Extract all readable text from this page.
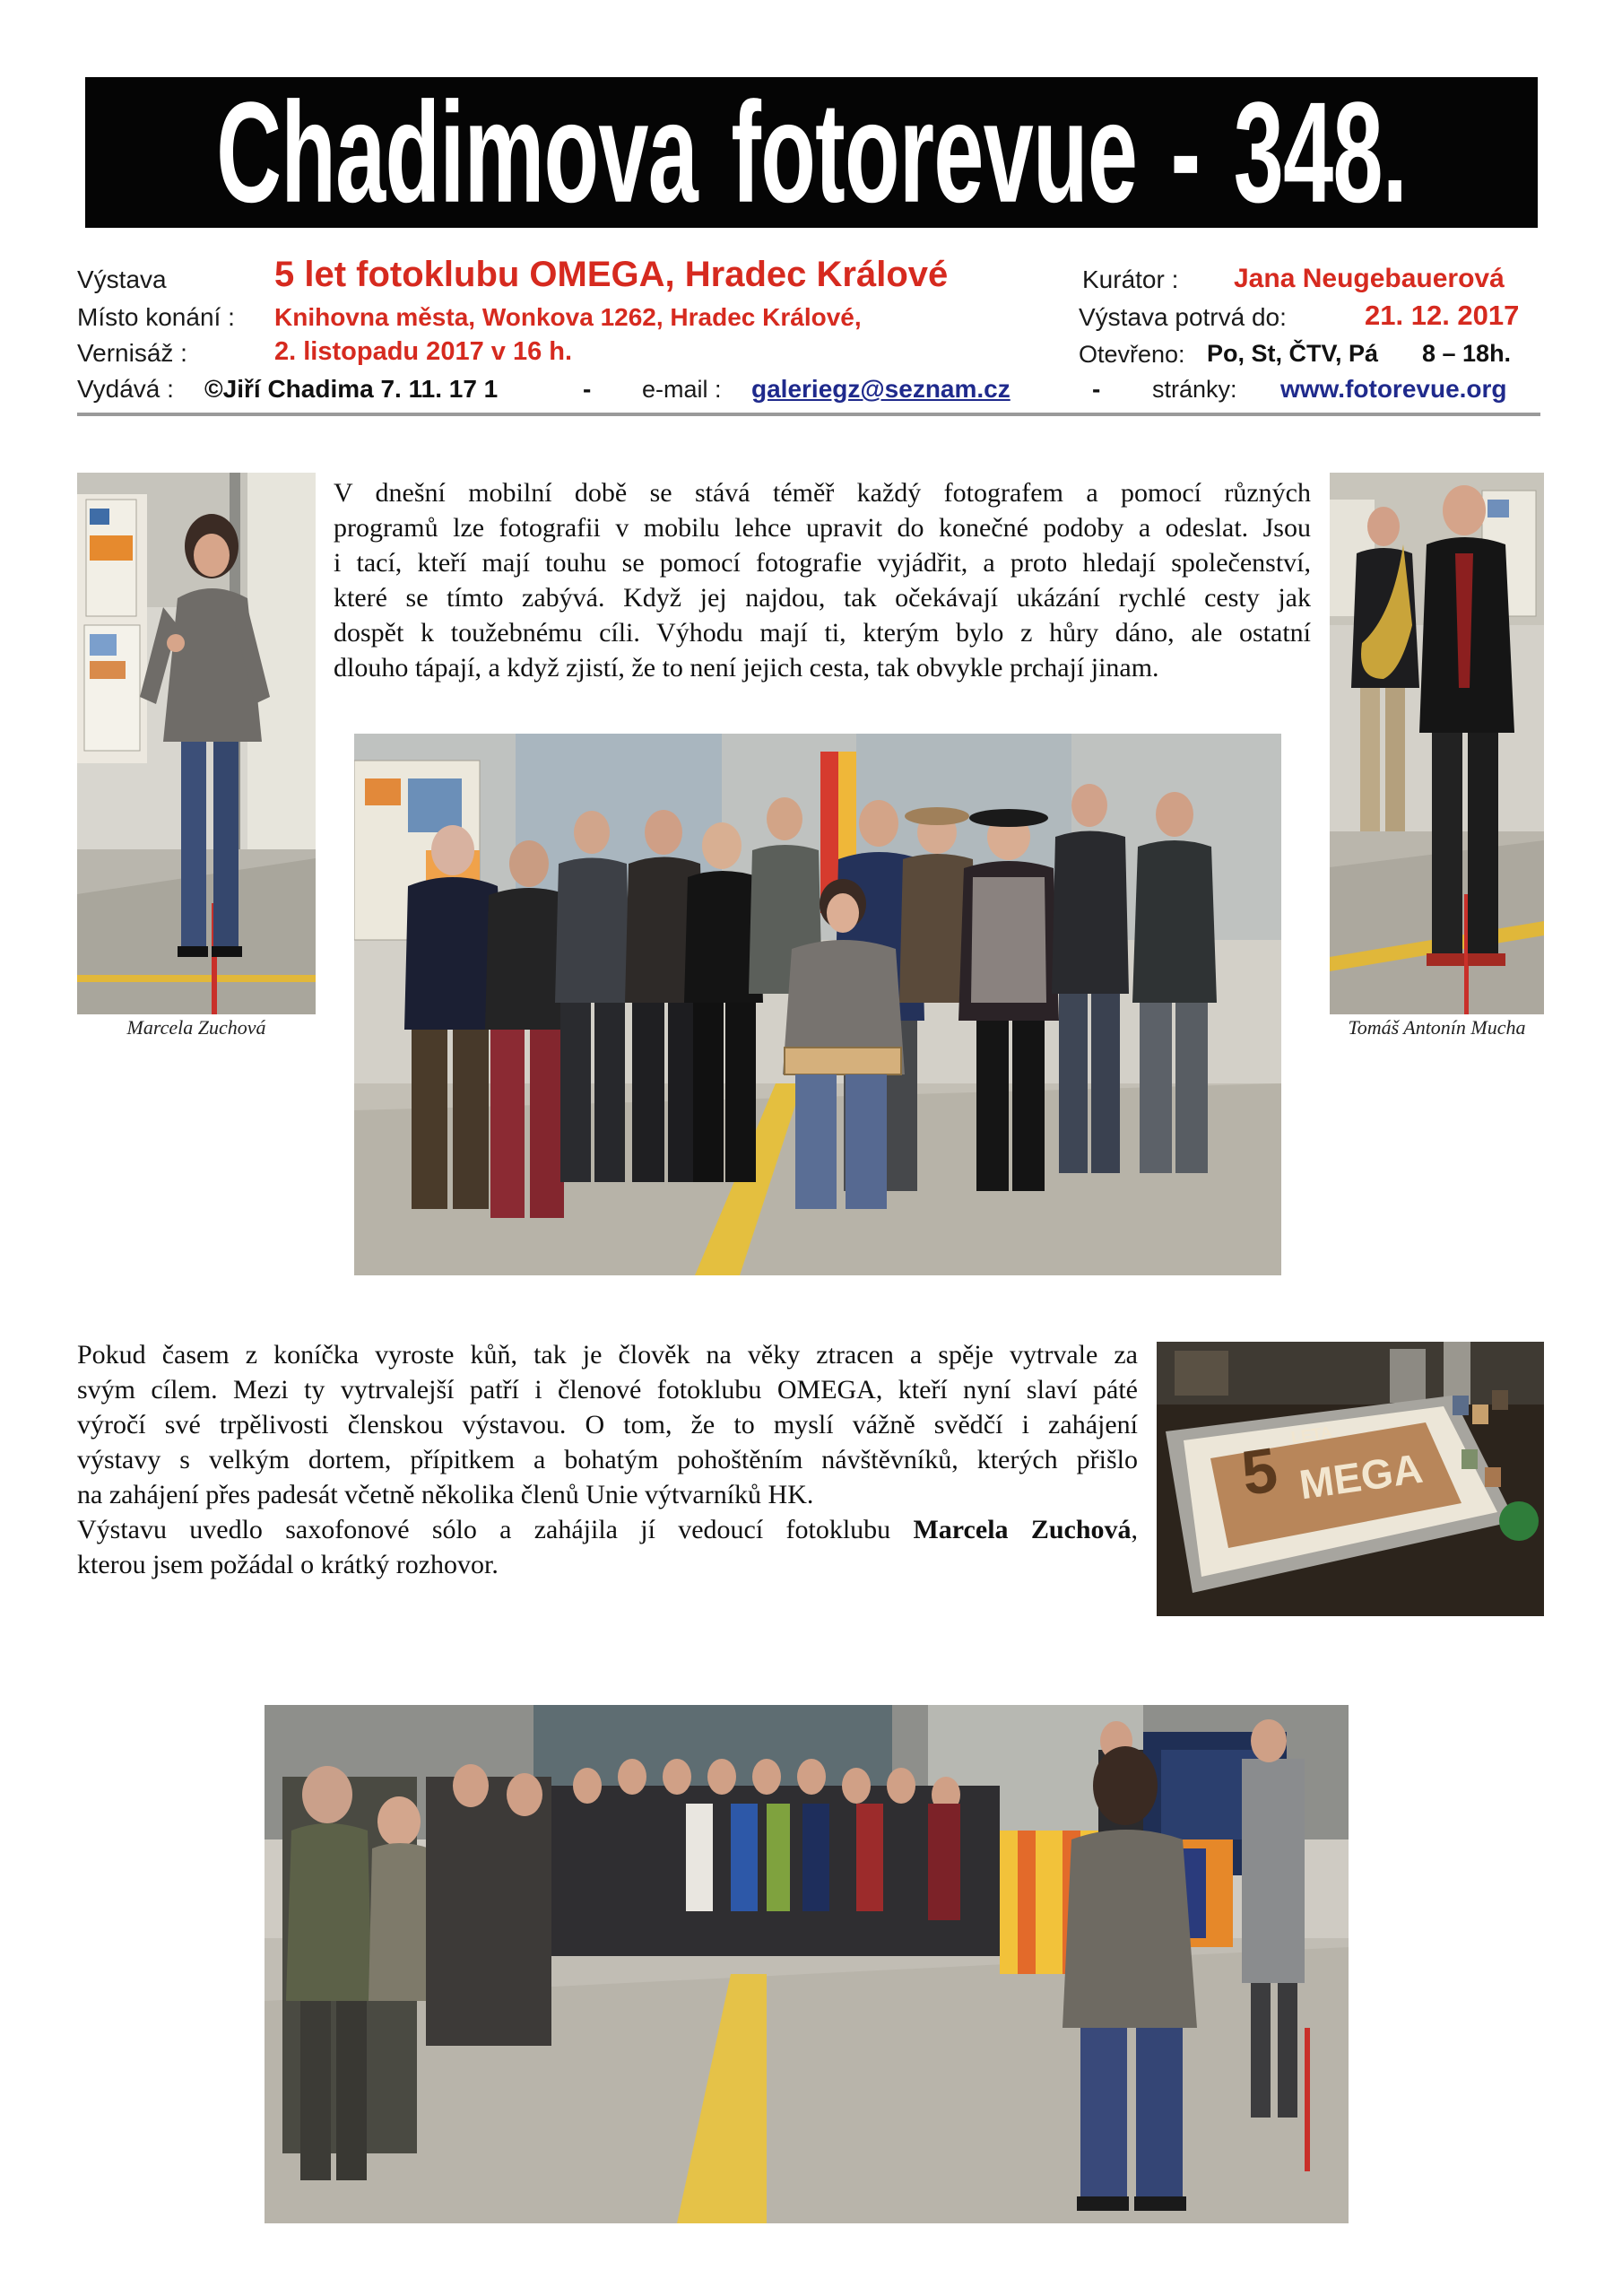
Chadimova fotorevue - 348.
Výstava	5 let fotoklubu OMEGA, Hradec Králové	Kurátor : Jana Neugebauerová
Místo konání : Knihovna města, Wonkova 1262, Hradec Králové,	Výstava potrvá do:	21. 12. 2017
Vernisáž :	2. listopadu 2017 v 16 h.	Otevřeno: Po, St, ČTV, Pá 8 – 18h.
Vydává : ©Jiří Chadima 7. 11. 17 1	- e-mail : galeriegz@seznam.cz	- stránky: www.fotorevue.org
Marcela Zuchová	Tomáš Antonín Mucha
V dnešní mobilní době se stává téměř každý fotografem a pomocí různých
programů lze fotografii v mobilu lehce upravit do konečné podoby a odeslat. Jsou
i tací, kteří mají touhu se pomocí fotografie vyjádřit, a proto hledají společenství,
které se tímto zabývá. Když jej najdou, tak očekávají ukázání rychlé cesty jak
dospět k toužebnému cíli. Výhodu mají ti, kterým bylo z hůry dáno, ale ostatní
dlouho tápají, a když zjistí, že to není jejich cesta, tak obvykle prchají jinam.
Pokud časem z koníčka vyroste kůň, tak je člověk na věky ztracen a spěje vytrvale za
svým cílem. Mezi ty vytrvalejší patří i členové fotoklubu OMEGA, kteří nyní slaví páté
výročí své trpělivosti členskou výstavou. O tom, že to myslí vážně svědčí i zahájení
výstavy s velkým dortem, přípitkem a bohatým pohoštěním návštěvníků, kterých přišlo
na zahájení přes padesát včetně několika členů Unie výtvarníků HK.
Výstavu uvedlo saxofonové sólo a zahájila jí vedoucí fotoklubu Marcela Zuchová,
kterou jsem požádal o krátký rozhovor.
MEGA
5 LETA
